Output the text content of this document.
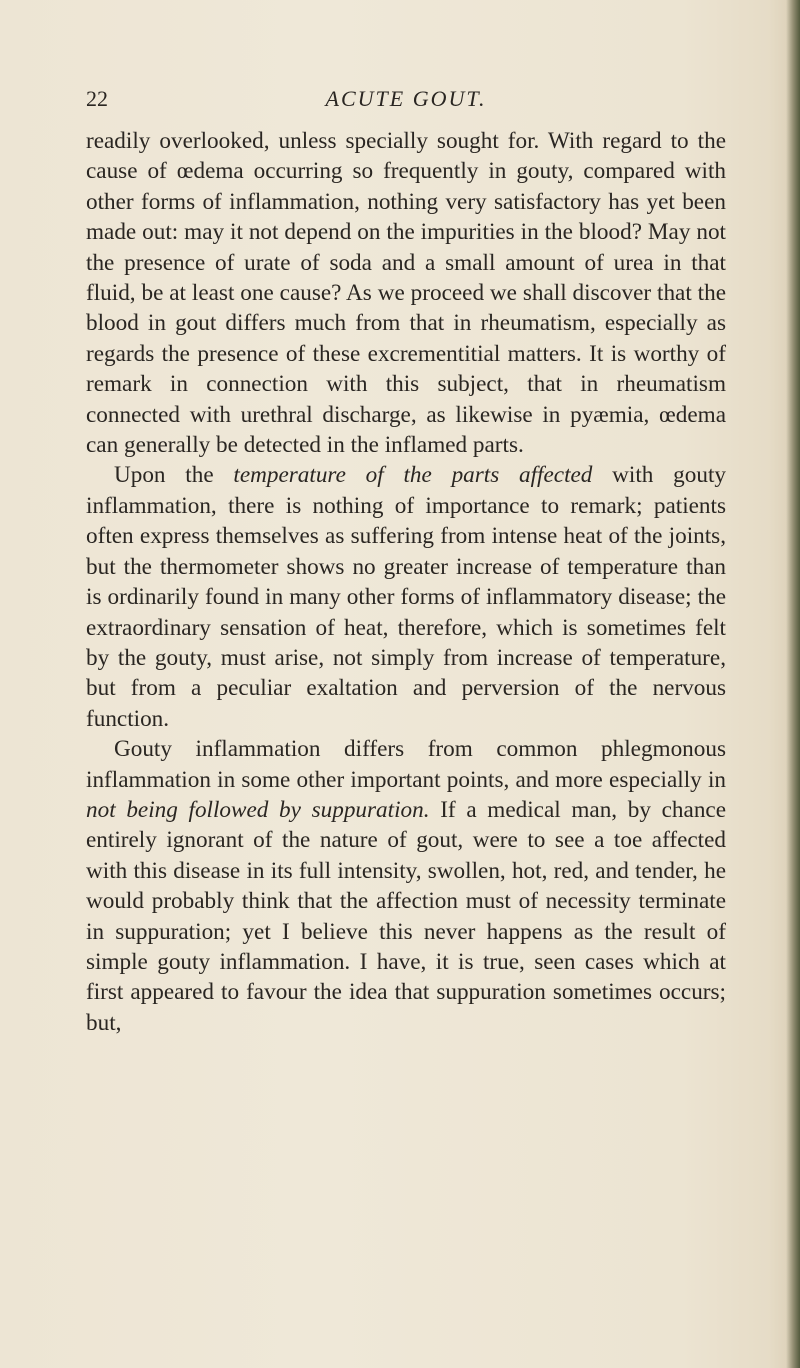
22	ACUTE GOUT.

readily overlooked, unless specially sought for. With regard to the cause of œdema occurring so frequently in gouty, compared with other forms of inflammation, nothing very satisfactory has yet been made out: may it not depend on the impurities in the blood? May not the presence of urate of soda and a small amount of urea in that fluid, be at least one cause? As we proceed we shall discover that the blood in gout differs much from that in rheumatism, especially as regards the presence of these excrementitial matters. It is worthy of remark in connection with this subject, that in rheumatism connected with urethral discharge, as likewise in pyæmia, œdema can generally be detected in the inflamed parts.

Upon the temperature of the parts affected with gouty inflammation, there is nothing of importance to remark; patients often express themselves as suffering from intense heat of the joints, but the thermometer shows no greater increase of temperature than is ordinarily found in many other forms of inflammatory disease; the extraordinary sensation of heat, therefore, which is sometimes felt by the gouty, must arise, not simply from increase of temperature, but from a peculiar exaltation and perversion of the nervous function.

Gouty inflammation differs from common phlegmonous inflammation in some other important points, and more especially in not being followed by suppuration. If a medical man, by chance entirely ignorant of the nature of gout, were to see a toe affected with this disease in its full intensity, swollen, hot, red, and tender, he would probably think that the affection must of necessity terminate in suppuration; yet I believe this never happens as the result of simple gouty inflammation. I have, it is true, seen cases which at first appeared to favour the idea that suppuration sometimes occurs; but,
